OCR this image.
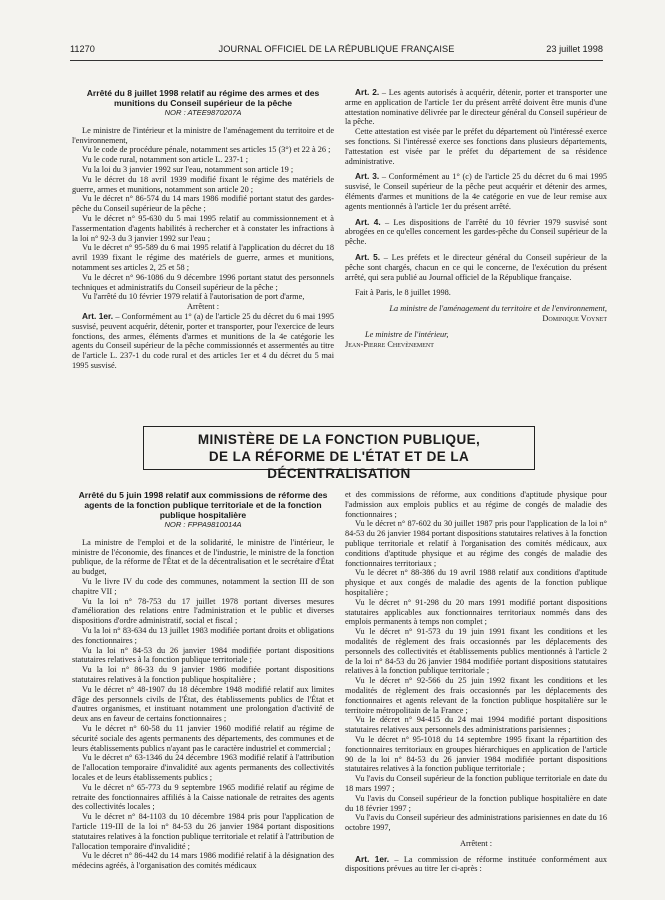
11270	JOURNAL OFFICIEL DE LA RÉPUBLIQUE FRANÇAISE	23 juillet 1998

Arrêté du 8 juillet 1998 relatif au régime des armes et des munitions du Conseil supérieur de la pêche

NOR : ATEE9870207A

Le ministre de l'intérieur et la ministre de l'aménagement du territoire et de l'environnement,

Vu le code de procédure pénale, notamment ses articles 15 (3°) et 22 à 26 ;

Vu le code rural, notamment son article L. 237-1 ;

Vu la loi du 3 janvier 1992 sur l'eau, notamment son article 19 ;

Vu le décret du 18 avril 1939 modifié fixant le régime des matériels de guerre, armes et munitions, notamment son article 20 ;

Vu le décret n° 86-574 du 14 mars 1986 modifié portant statut des gardes-pêche du Conseil supérieur de la pêche ;

Vu le décret n° 95-630 du 5 mai 1995 relatif au commissionnement et à l'assermentation d'agents habilités à rechercher et à constater les infractions à la loi n° 92-3 du 3 janvier 1992 sur l'eau ;

Vu le décret n° 95-589 du 6 mai 1995 relatif à l'application du décret du 18 avril 1939 fixant le régime des matériels de guerre, armes et munitions, notamment ses articles 2, 25 et 58 ;

Vu le décret n° 96-1086 du 9 décembre 1996 portant statut des personnels techniques et administratifs du Conseil supérieur de la pêche ;

Vu l'arrêté du 10 février 1979 relatif à l'autorisation de port d'arme,

Arrêtent :

Art. 1er. – Conformément au 1° (a) de l'article 25 du décret du 6 mai 1995 susvisé, peuvent acquérir, détenir, porter et transporter, pour l'exercice de leurs fonctions, des armes, éléments d'armes et munitions de la 4e catégorie les agents du Conseil supérieur de la pêche commissionnés et assermentés au titre de l'article L. 237-1 du code rural et des articles 1er et 4 du décret du 5 mai 1995 susvisé.

Art. 2. – Les agents autorisés à acquérir, détenir, porter et transporter une arme en application de l'article 1er du présent arrêté doivent être munis d'une attestation nominative délivrée par le directeur général du Conseil supérieur de la pêche.

Cette attestation est visée par le préfet du département où l'intéressé exerce ses fonctions. Si l'intéressé exerce ses fonctions dans plusieurs départements, l'attestation est visée par le préfet du département de sa résidence administrative.

Art. 3. – Conformément au 1° (c) de l'article 25 du décret du 6 mai 1995 susvisé, le Conseil supérieur de la pêche peut acquérir et détenir des armes, éléments d'armes et munitions de la 4e catégorie en vue de leur remise aux agents mentionnés à l'article 1er du présent arrêté.

Art. 4. – Les dispositions de l'arrêté du 10 février 1979 susvisé sont abrogées en ce qu'elles concernent les gardes-pêche du Conseil supérieur de la pêche.

Art. 5. – Les préfets et le directeur général du Conseil supérieur de la pêche sont chargés, chacun en ce qui le concerne, de l'exécution du présent arrêté, qui sera publié au Journal officiel de la République française.

Fait à Paris, le 8 juillet 1998.

La ministre de l'aménagement du territoire et de l'environnement,

Dominique Voynet

Le ministre de l'intérieur,

Jean-Pierre Chevènement

MINISTÈRE DE LA FONCTION PUBLIQUE,
DE LA RÉFORME DE L'ÉTAT ET DE LA DÉCENTRALISATION

Arrêté du 5 juin 1998 relatif aux commissions de réforme des agents de la fonction publique territoriale et de la fonction publique hospitalière

NOR : FPPA9810014A

La ministre de l'emploi et de la solidarité, le ministre de l'intérieur, le ministre de l'économie, des finances et de l'industrie, le ministre de la fonction publique, de la réforme de l'État et de la décentralisation et le secrétaire d'État au budget,

Vu le livre IV du code des communes, notamment la section III de son chapitre VII ;

Vu la loi n° 78-753 du 17 juillet 1978 portant diverses mesures d'amélioration des relations entre l'administration et le public et diverses dispositions d'ordre administratif, social et fiscal ;

Vu la loi n° 83-634 du 13 juillet 1983 modifiée portant droits et obligations des fonctionnaires ;

Vu la loi n° 84-53 du 26 janvier 1984 modifiée portant dispositions statutaires relatives à la fonction publique territoriale ;

Vu la loi n° 86-33 du 9 janvier 1986 modifiée portant dispositions statutaires relatives à la fonction publique hospitalière ;

Vu le décret n° 48-1907 du 18 décembre 1948 modifié relatif aux limites d'âge des personnels civils de l'État, des établissements publics de l'État et d'autres organismes, et instituant notamment une prolongation d'activité de deux ans en faveur de certains fonctionnaires ;

Vu le décret n° 60-58 du 11 janvier 1960 modifié relatif au régime de sécurité sociale des agents permanents des départements, des communes et de leurs établissements publics n'ayant pas le caractère industriel et commercial ;

Vu le décret n° 63-1346 du 24 décembre 1963 modifié relatif à l'attribution de l'allocation temporaire d'invalidité aux agents permanents des collectivités locales et de leurs établissements publics ;

Vu le décret n° 65-773 du 9 septembre 1965 modifié relatif au régime de retraite des fonctionnaires affiliés à la Caisse nationale de retraites des agents des collectivités locales ;

Vu le décret n° 84-1103 du 10 décembre 1984 pris pour l'application de l'article 119-III de la loi n° 84-53 du 26 janvier 1984 portant dispositions statutaires relatives à la fonction publique territoriale et relatif à l'attribution de l'allocation temporaire d'invalidité ;

Vu le décret n° 86-442 du 14 mars 1986 modifié relatif à la désignation des médecins agréés, à l'organisation des comités médicaux

et des commissions de réforme, aux conditions d'aptitude physique pour l'admission aux emplois publics et au régime de congés de maladie des fonctionnaires ;

Vu le décret n° 87-602 du 30 juillet 1987 pris pour l'application de la loi n° 84-53 du 26 janvier 1984 portant dispositions statutaires relatives à la fonction publique territoriale et relatif à l'organisation des comités médicaux, aux conditions d'aptitude physique et au régime des congés de maladie des fonctionnaires territoriaux ;

Vu le décret n° 88-386 du 19 avril 1988 relatif aux conditions d'aptitude physique et aux congés de maladie des agents de la fonction publique hospitalière ;

Vu le décret n° 91-298 du 20 mars 1991 modifié portant dispositions statutaires applicables aux fonctionnaires territoriaux nommés dans des emplois permanents à temps non complet ;

Vu le décret n° 91-573 du 19 juin 1991 fixant les conditions et les modalités de règlement des frais occasionnés par les déplacements des personnels des collectivités et établissements publics mentionnés à l'article 2 de la loi n° 84-53 du 26 janvier 1984 modifiée portant dispositions statutaires relatives à la fonction publique territoriale ;

Vu le décret n° 92-566 du 25 juin 1992 fixant les conditions et les modalités de règlement des frais occasionnés par les déplacements des fonctionnaires et agents relevant de la fonction publique hospitalière sur le territoire métropolitain de la France ;

Vu le décret n° 94-415 du 24 mai 1994 modifié portant dispositions statutaires relatives aux personnels des administrations parisiennes ;

Vu le décret n° 95-1018 du 14 septembre 1995 fixant la répartition des fonctionnaires territoriaux en groupes hiérarchiques en application de l'article 90 de la loi n° 84-53 du 26 janvier 1984 modifiée portant dispositions statutaires relatives à la fonction publique territoriale ;

Vu l'avis du Conseil supérieur de la fonction publique territoriale en date du 18 mars 1997 ;

Vu l'avis du Conseil supérieur de la fonction publique hospitalière en date du 18 février 1997 ;

Vu l'avis du Conseil supérieur des administrations parisiennes en date du 16 octobre 1997,

Arrêtent :

Art. 1er. – La commission de réforme instituée conformément aux dispositions prévues au titre Ier ci-après :
